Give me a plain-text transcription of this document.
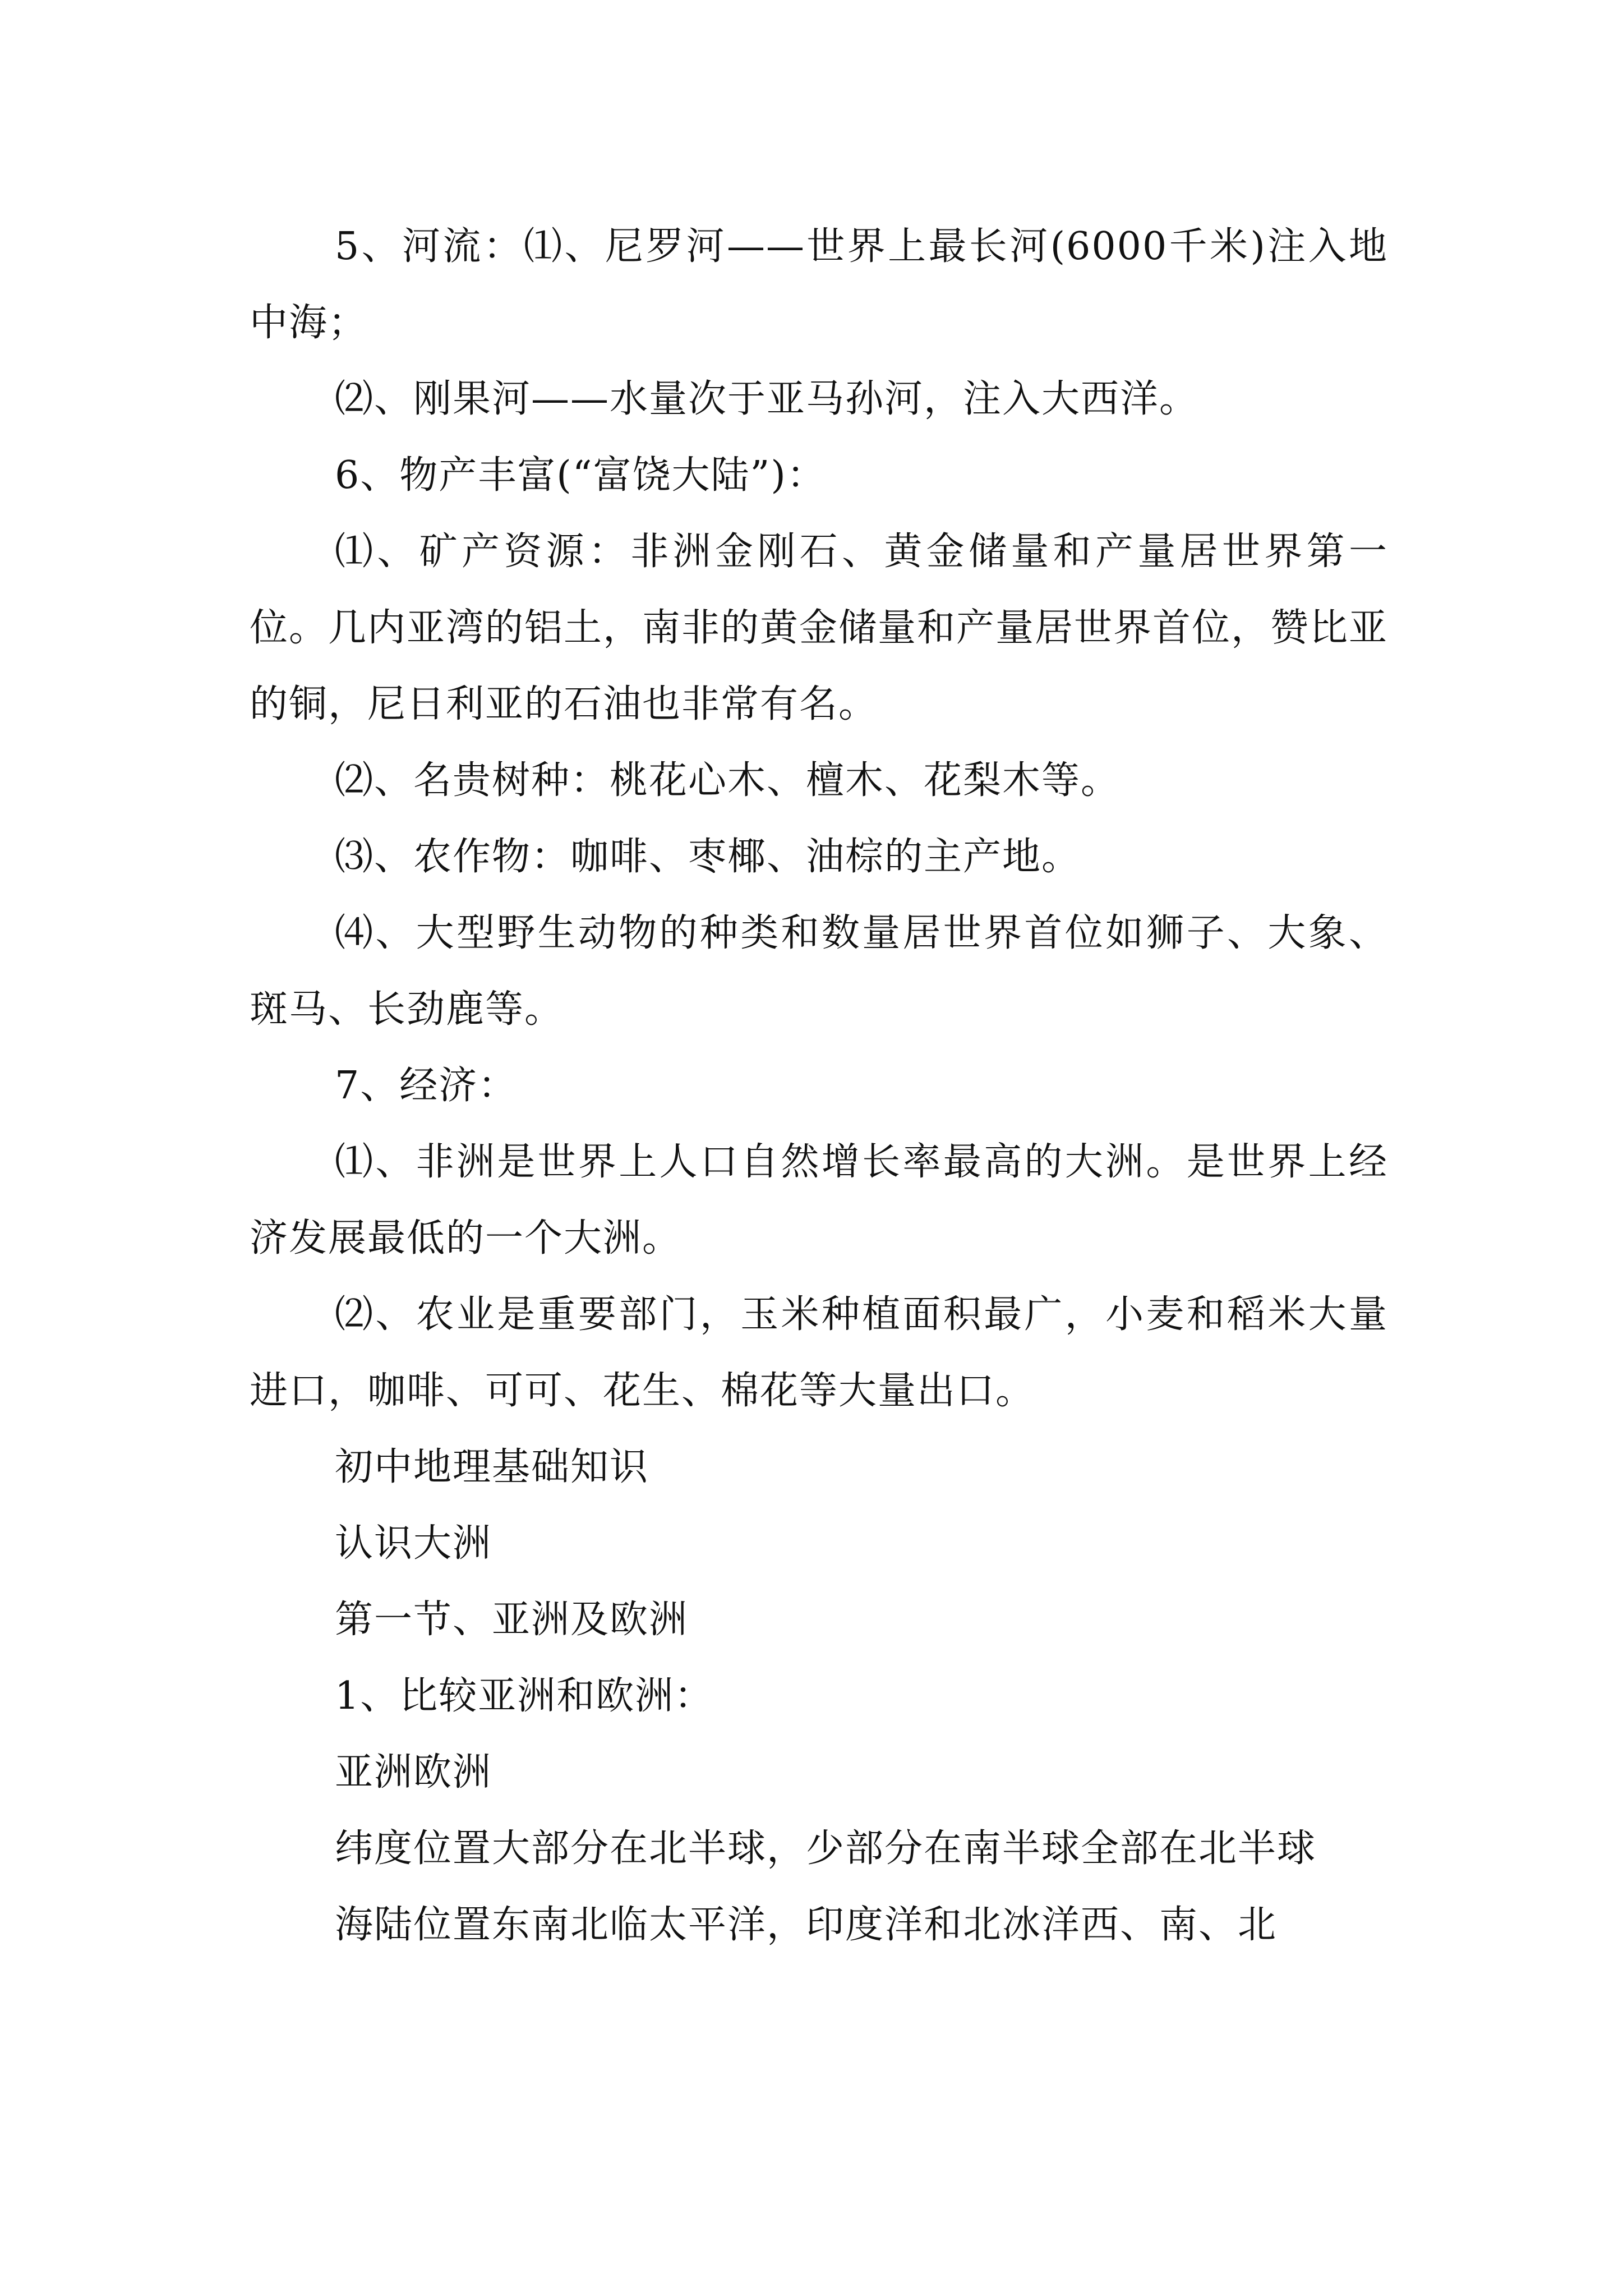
5、河流：⑴、尼罗河——世界上最长河(6000千米)注入地中海；

⑵、刚果河——水量次于亚马孙河，注入大西洋。

6、物产丰富(“富饶大陆”)：

⑴、矿产资源：非洲金刚石、黄金储量和产量居世界第一位。几内亚湾的铝土，南非的黄金储量和产量居世界首位，赞比亚的铜，尼日利亚的石油也非常有名。

⑵、名贵树种：桃花心木、檀木、花梨木等。

⑶、农作物：咖啡、枣椰、油棕的主产地。

⑷、大型野生动物的种类和数量居世界首位如狮子、大象、斑马、长劲鹿等。

7、经济：

⑴、非洲是世界上人口自然增长率最高的大洲。是世界上经济发展最低的一个大洲。

⑵、农业是重要部门，玉米种植面积最广，小麦和稻米大量进口，咖啡、可可、花生、棉花等大量出口。

初中地理基础知识

认识大洲

第一节、亚洲及欧洲

1、比较亚洲和欧洲：

亚洲欧洲

纬度位置大部分在北半球，少部分在南半球全部在北半球

海陆位置东南北临太平洋，印度洋和北冰洋西、南、北
